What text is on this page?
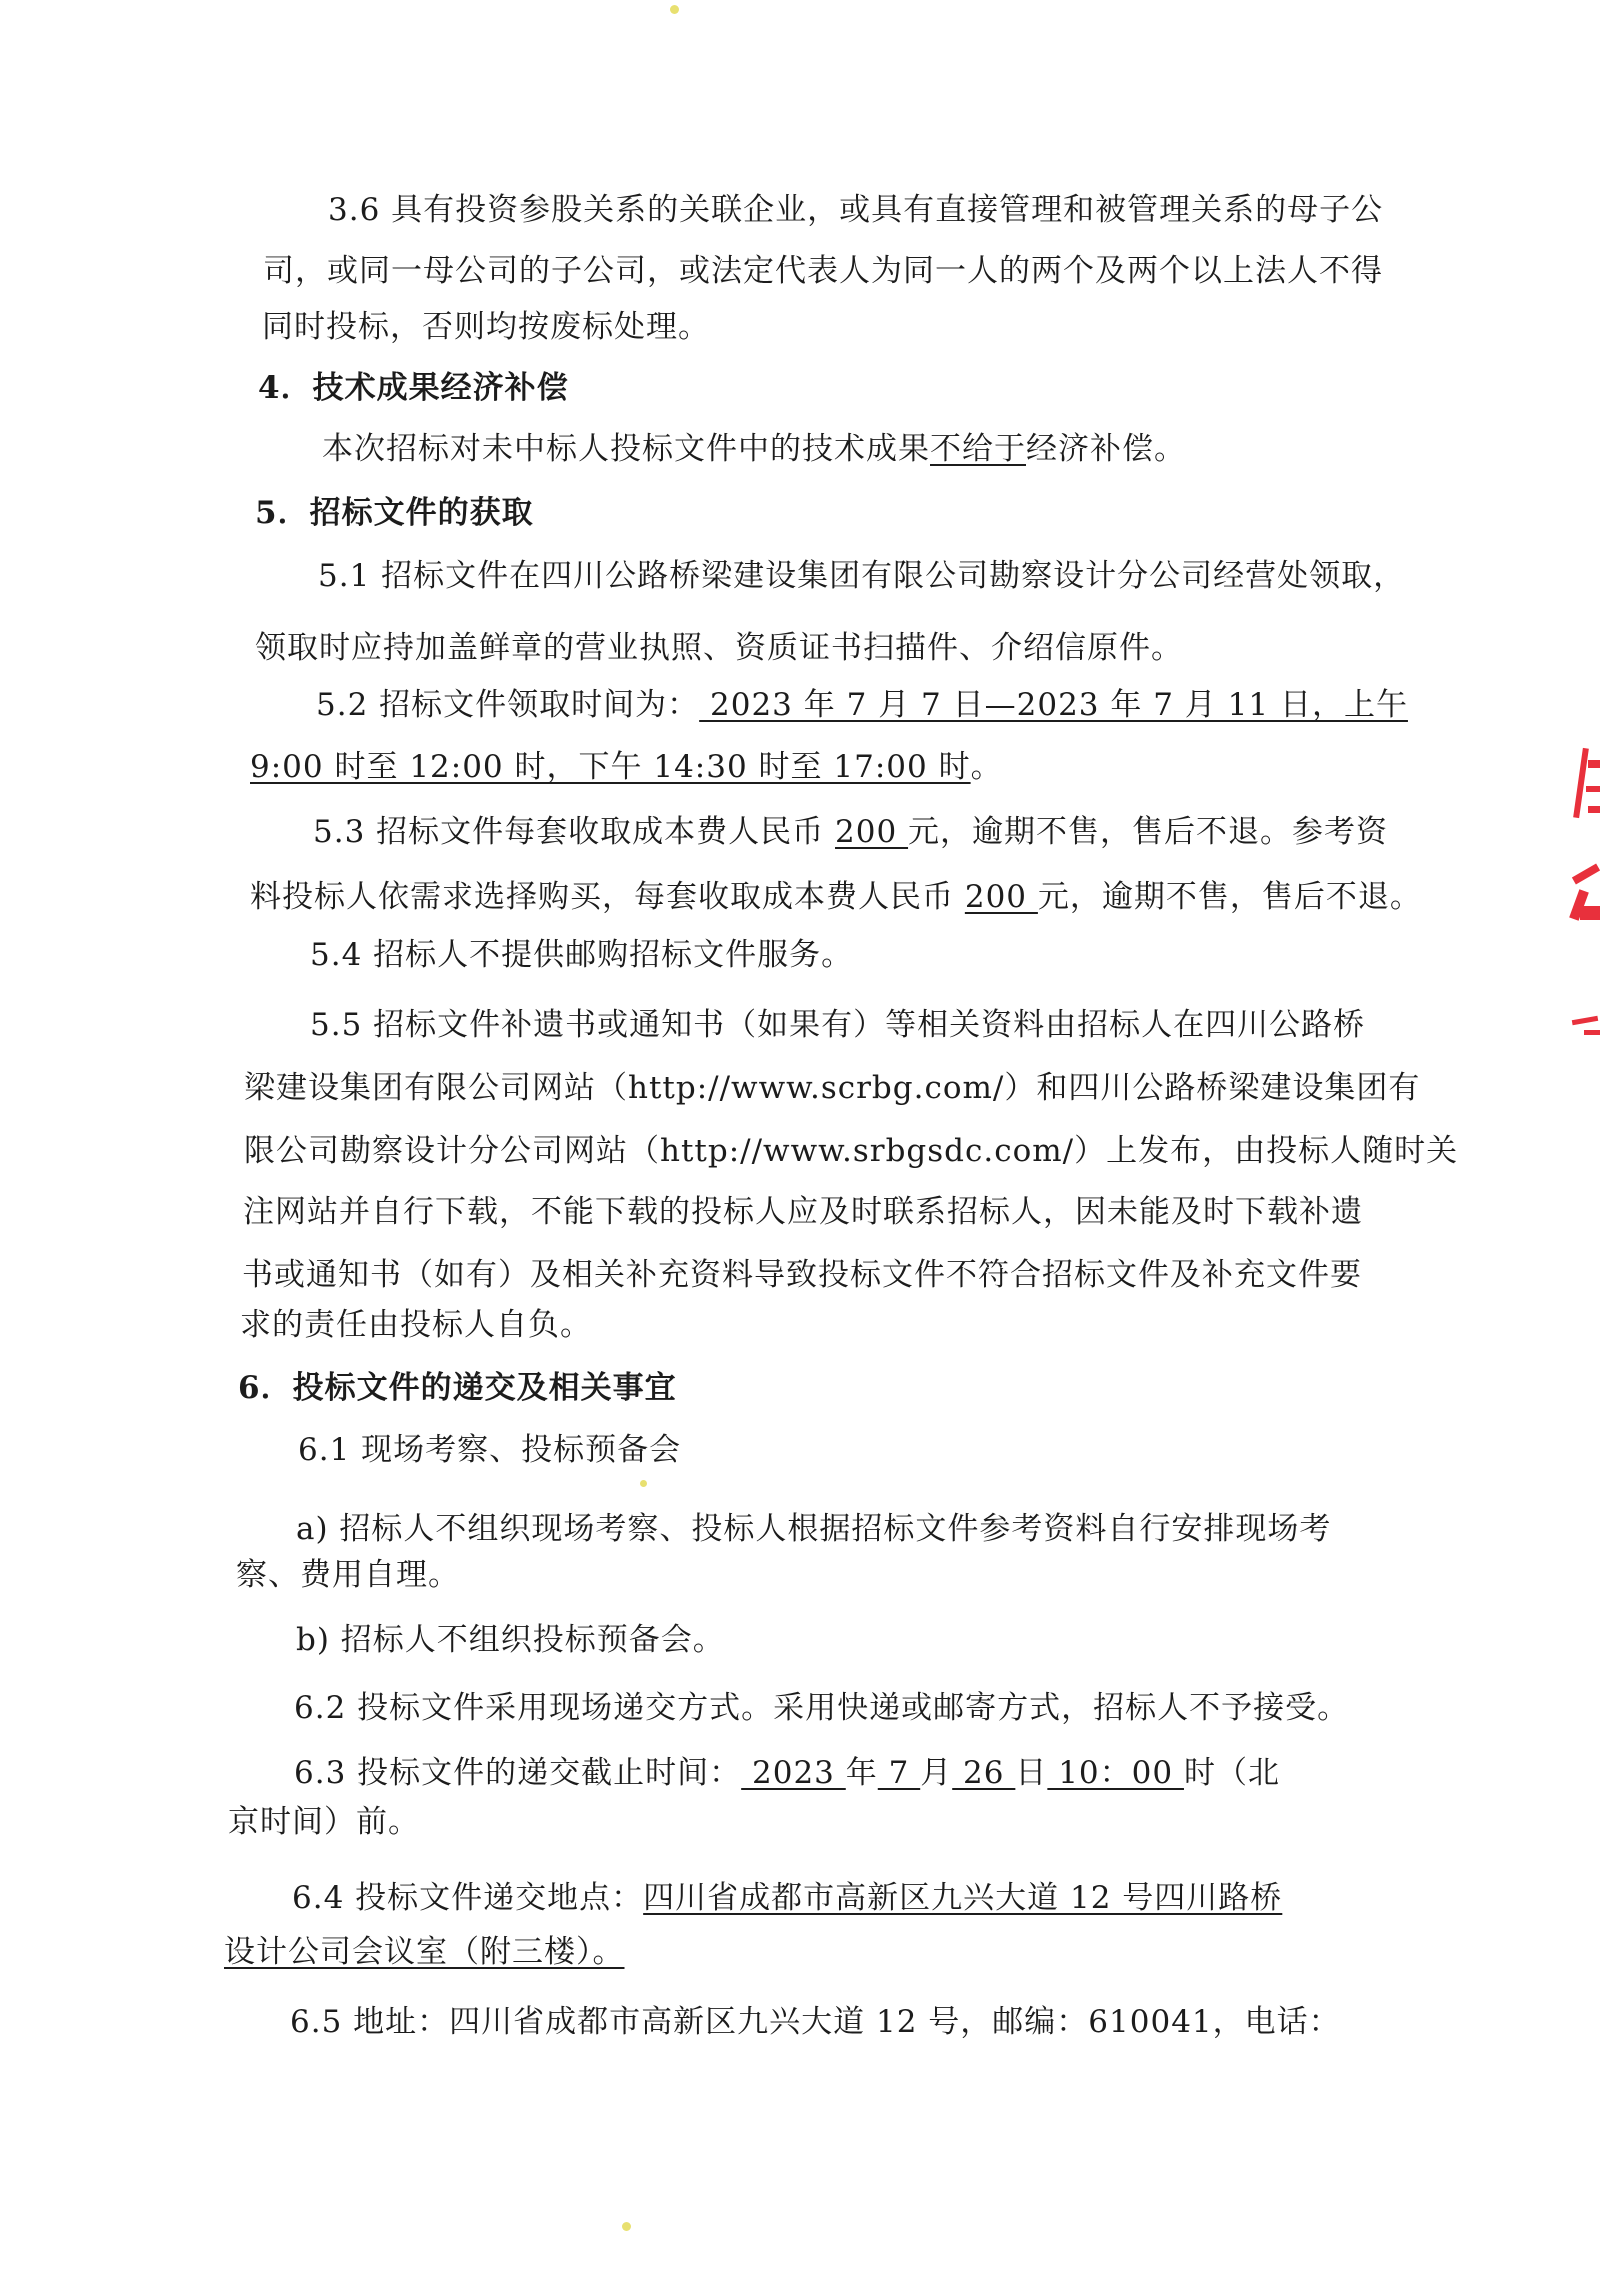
3.6 具有投资参股关系的关联企业，或具有直接管理和被管理关系的母子公
司，或同一母公司的子公司，或法定代表人为同一人的两个及两个以上法人不得
同时投标，否则均按废标处理。
4．技术成果经济补偿
本次招标对未中标人投标文件中的技术成果不给于经济补偿。
5．招标文件的获取
5.1 招标文件在四川公路桥梁建设集团有限公司勘察设计分公司经营处领取，
领取时应持加盖鲜章的营业执照、资质证书扫描件、介绍信原件。
5.2 招标文件领取时间为： 2023 年 7 月 7 日—2023 年 7 月 11 日，上午
9:00 时至 12:00 时，下午 14:30 时至 17:00 时。
5.3 招标文件每套收取成本费人民币 200 元，逾期不售，售后不退。参考资
料投标人依需求选择购买，每套收取成本费人民币 200 元，逾期不售，售后不退。
5.4 招标人不提供邮购招标文件服务。
5.5 招标文件补遗书或通知书（如果有）等相关资料由招标人在四川公路桥
梁建设集团有限公司网站（http://www.scrbg.com/）和四川公路桥梁建设集团有
限公司勘察设计分公司网站（http://www.srbgsdc.com/）上发布，由投标人随时关
注网站并自行下载，不能下载的投标人应及时联系招标人，因未能及时下载补遗
书或通知书（如有）及相关补充资料导致投标文件不符合招标文件及补充文件要
求的责任由投标人自负。
6．投标文件的递交及相关事宜
6.1 现场考察、投标预备会
a) 招标人不组织现场考察、投标人根据招标文件参考资料自行安排现场考
察、费用自理。
b) 招标人不组织投标预备会。
6.2 投标文件采用现场递交方式。采用快递或邮寄方式，招标人不予接受。
6.3 投标文件的递交截止时间： 2023 年 7 月 26 日 10：00 时（北
京时间）前。
6.4 投标文件递交地点：四川省成都市高新区九兴大道 12 号四川路桥
设计公司会议室（附三楼）。
6.5 地址：四川省成都市高新区九兴大道 12 号，邮编：610041，电话：
